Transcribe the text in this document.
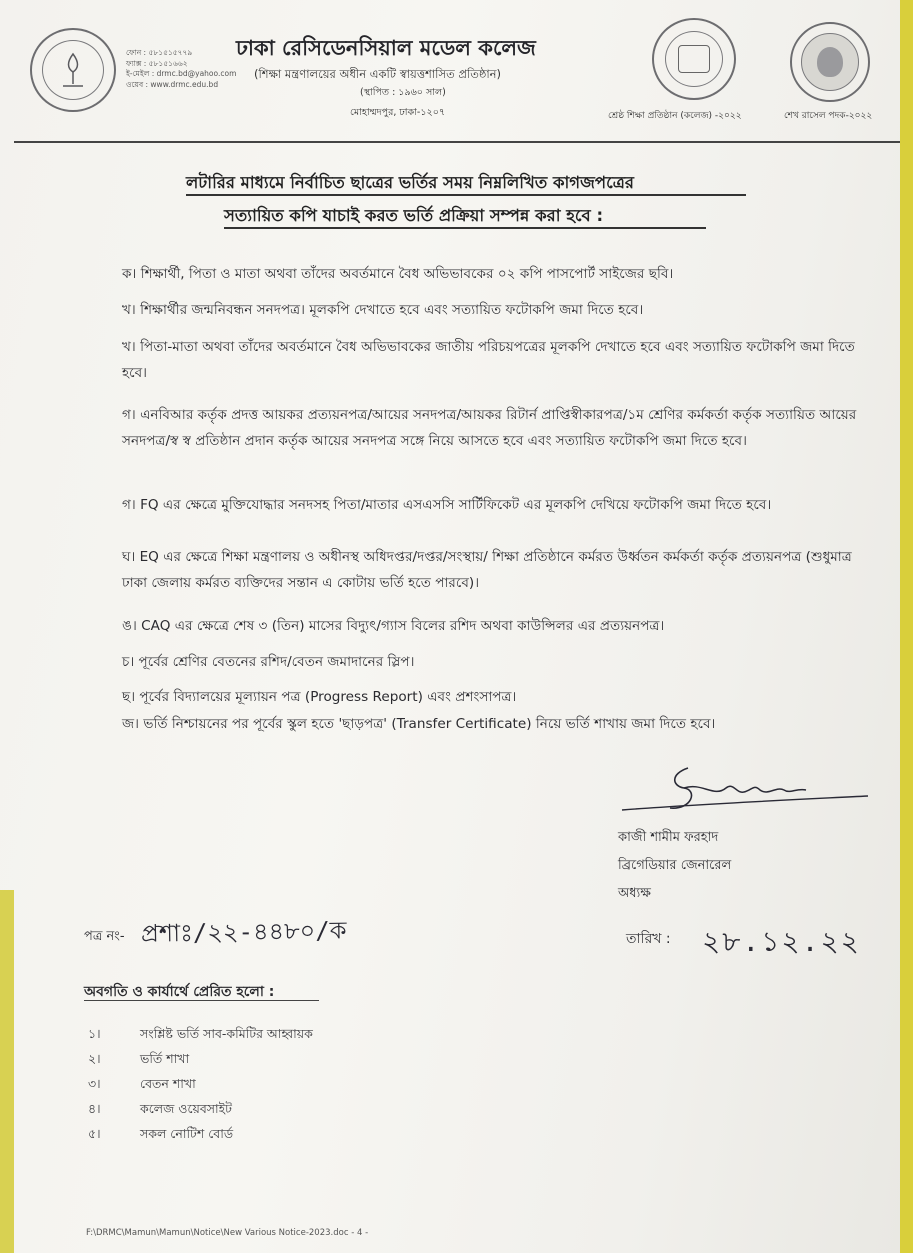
ফোন : ৫৮১৫১৫৭৭৯
ফ্যাক্স : ৫৮১৫১৬৬২
ই-মেইল : drmc.bd@yahoo.com
ওয়েব : www.drmc.edu.bd
ঢাকা রেসিডেনসিয়াল মডেল কলেজ
(শিক্ষা মন্ত্রণালয়ের অধীন একটি স্বায়ত্তশাসিত প্রতিষ্ঠান)
(স্থাপিত : ১৯৬০ সাল)
মোহাম্মদপুর, ঢাকা-১২০৭	শ্রেষ্ঠ শিক্ষা প্রতিষ্ঠান (কলেজ) -২০২২	শেখ রাসেল পদক-২০২২
লটারির মাধ্যমে নির্বাচিত ছাত্রের ভর্তির সময় নিম্নলিখিত কাগজপত্রের
সত্যায়িত কপি যাচাই করত ভর্তি প্রক্রিয়া সম্পন্ন করা হবে :
ক। শিক্ষার্থী, পিতা ও মাতা অথবা তাঁদের অবর্তমানে বৈধ অভিভাবকের ০২ কপি পাসপোর্ট সাইজের ছবি।
খ। শিক্ষার্থীর জন্মনিবন্ধন সনদপত্র। মূলকপি দেখাতে হবে এবং সত্যায়িত ফটোকপি জমা দিতে হবে।
খ। পিতা-মাতা অথবা তাঁদের অবর্তমানে বৈধ অভিভাবকের জাতীয় পরিচয়পত্রের মূলকপি দেখাতে হবে এবং সত্যায়িত ফটোকপি জমা দিতে হবে।
গ। এনবিআর কর্তৃক প্রদত্ত আয়কর প্রত্যয়নপত্র/আয়ের সনদপত্র/আয়কর রিটার্ন প্রাপ্তিস্বীকারপত্র/১ম শ্রেণির কর্মকর্তা কর্তৃক সত্যায়িত আয়ের সনদপত্র/স্ব স্ব প্রতিষ্ঠান প্রদান কর্তৃক আয়ের সনদপত্র সঙ্গে নিয়ে আসতে হবে এবং সত্যায়িত ফটোকপি জমা দিতে হবে।
গ। FQ এর ক্ষেত্রে মুক্তিযোদ্ধার সনদসহ পিতা/মাতার এসএসসি সার্টিফিকেট এর মূলকপি দেখিয়ে ফটোকপি জমা দিতে হবে।
ঘ। EQ এর ক্ষেত্রে শিক্ষা মন্ত্রণালয় ও অধীনস্থ অধিদপ্তর/দপ্তর/সংস্থায়/ শিক্ষা প্রতিষ্ঠানে কর্মরত উর্ধ্বতন কর্মকর্তা কর্তৃক প্রত্যয়নপত্র (শুধুমাত্র ঢাকা জেলায় কর্মরত ব্যক্তিদের সন্তান এ কোটায় ভর্তি হতে পারবে)।
ঙ। CAQ এর ক্ষেত্রে শেষ ৩ (তিন) মাসের বিদ্যুৎ/গ্যাস বিলের রশিদ অথবা কাউন্সিলর এর প্রত্যয়নপত্র।
চ। পূর্বের শ্রেণির বেতনের রশিদ/বেতন জমাদানের স্লিপ।
ছ। পূর্বের বিদ্যালয়ের মূল্যায়ন পত্র (Progress Report) এবং প্রশংসাপত্র।
জ। ভর্তি নিশ্চায়নের পর পূর্বের স্কুল হতে 'ছাড়পত্র' (Transfer Certificate) নিয়ে ভর্তি শাখায় জমা দিতে হবে।
কাজী শামীম ফরহাদ
ব্রিগেডিয়ার জেনারেল
অধ্যক্ষ
পত্র নং- প্রশাঃ/২২-৪৪৮০/ক	তারিখ : ২৮.১২.২২
অবগতি ও কার্যার্থে প্রেরিত হলো :
১।	সংশ্লিষ্ট ভর্তি সাব-কমিটির আহ্বায়ক
২।	ভর্তি শাখা
৩।	বেতন শাখা
৪।	কলেজ ওয়েবসাইট
৫।	সকল নোটিশ বোর্ড
F:\DRMC\Mamun\Mamun\Notice\New Various Notice-2023.doc - 4 -
